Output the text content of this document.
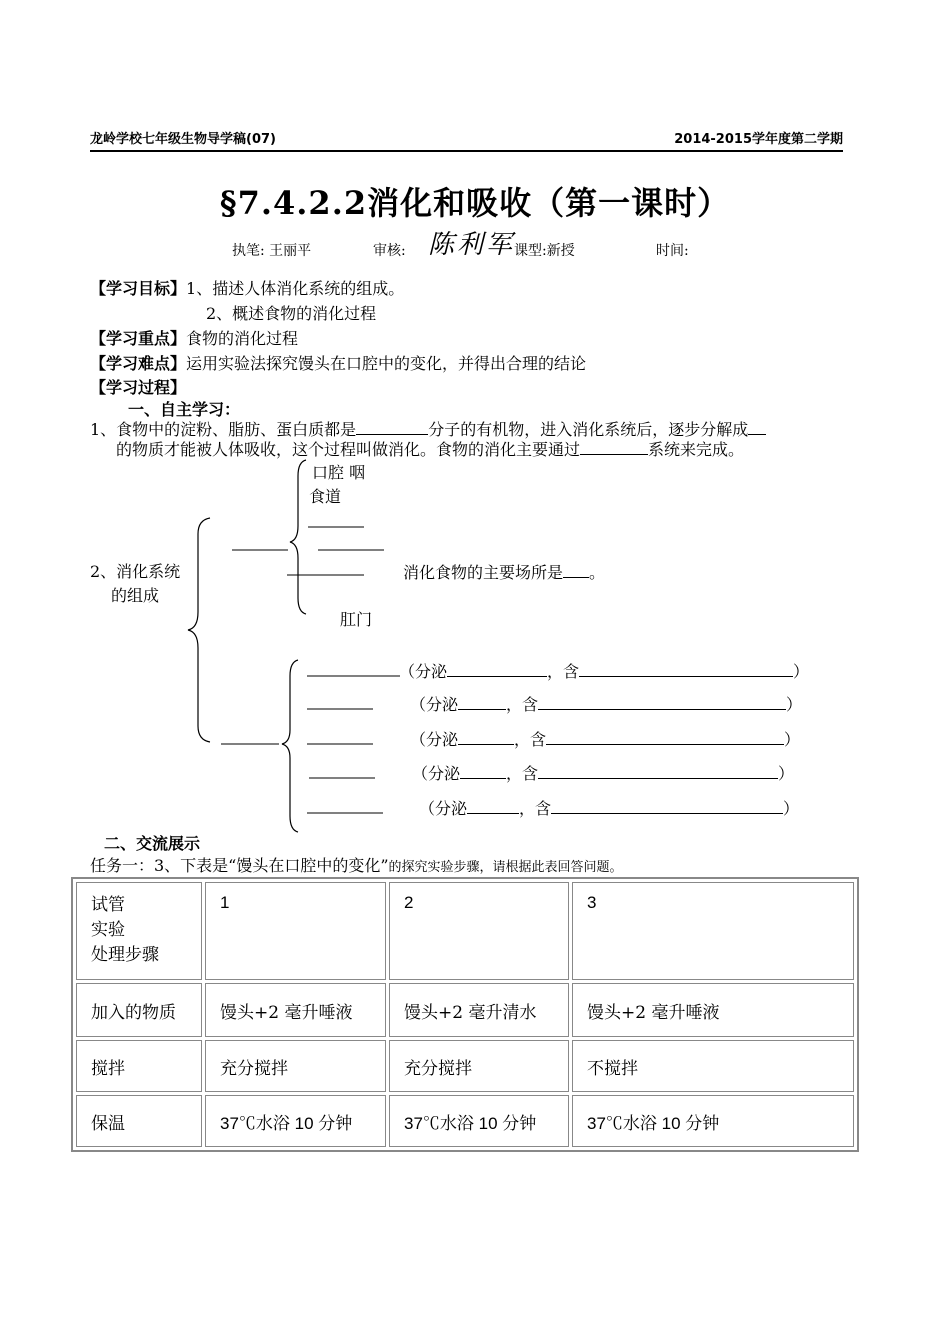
龙岭学校七年级生物导学稿(07)	2014-2015学年度第二学期
§7.4.2.2消化和吸收（第一课时）
执笔: 王丽平	审核: 陈利军
课型:新授	时间:
【学习目标】1、描述人体消化系统的组成。
2、概述食物的消化过程
【学习重点】食物的消化过程
【学习难点】运用实验法探究馒头在口腔中的变化，并得出合理的结论
【学习过程】
一、自主学习：
1、食物中的淀粉、脂肪、蛋白质都是	分子的有机物，进入消化系统后，逐步分解成
的物质才能被人体吸收，这个过程叫做消化。食物的消化主要通过	系统来完成。
口腔 咽
食道
2、消化系统
的组成
消化食物的主要场所是 。
肛门
（分泌	，含	）
（分泌	，含	）
（分泌	，含	）
（分泌	，含	）
（分泌	，含	）
二、交流展示
任务一：3、下表是“馒头在口腔中的变化”的探究实验步骤，请根据此表回答问题。
试管
实验
处理步骤	1	2	3
加入的物质	馒头+2 毫升唾液	馒头+2 毫升清水	馒头+2 毫升唾液
搅拌	充分搅拌	充分搅拌	不搅拌
保温	37℃水浴 10 分钟	37℃水浴 10 分钟	37℃水浴 10 分钟
